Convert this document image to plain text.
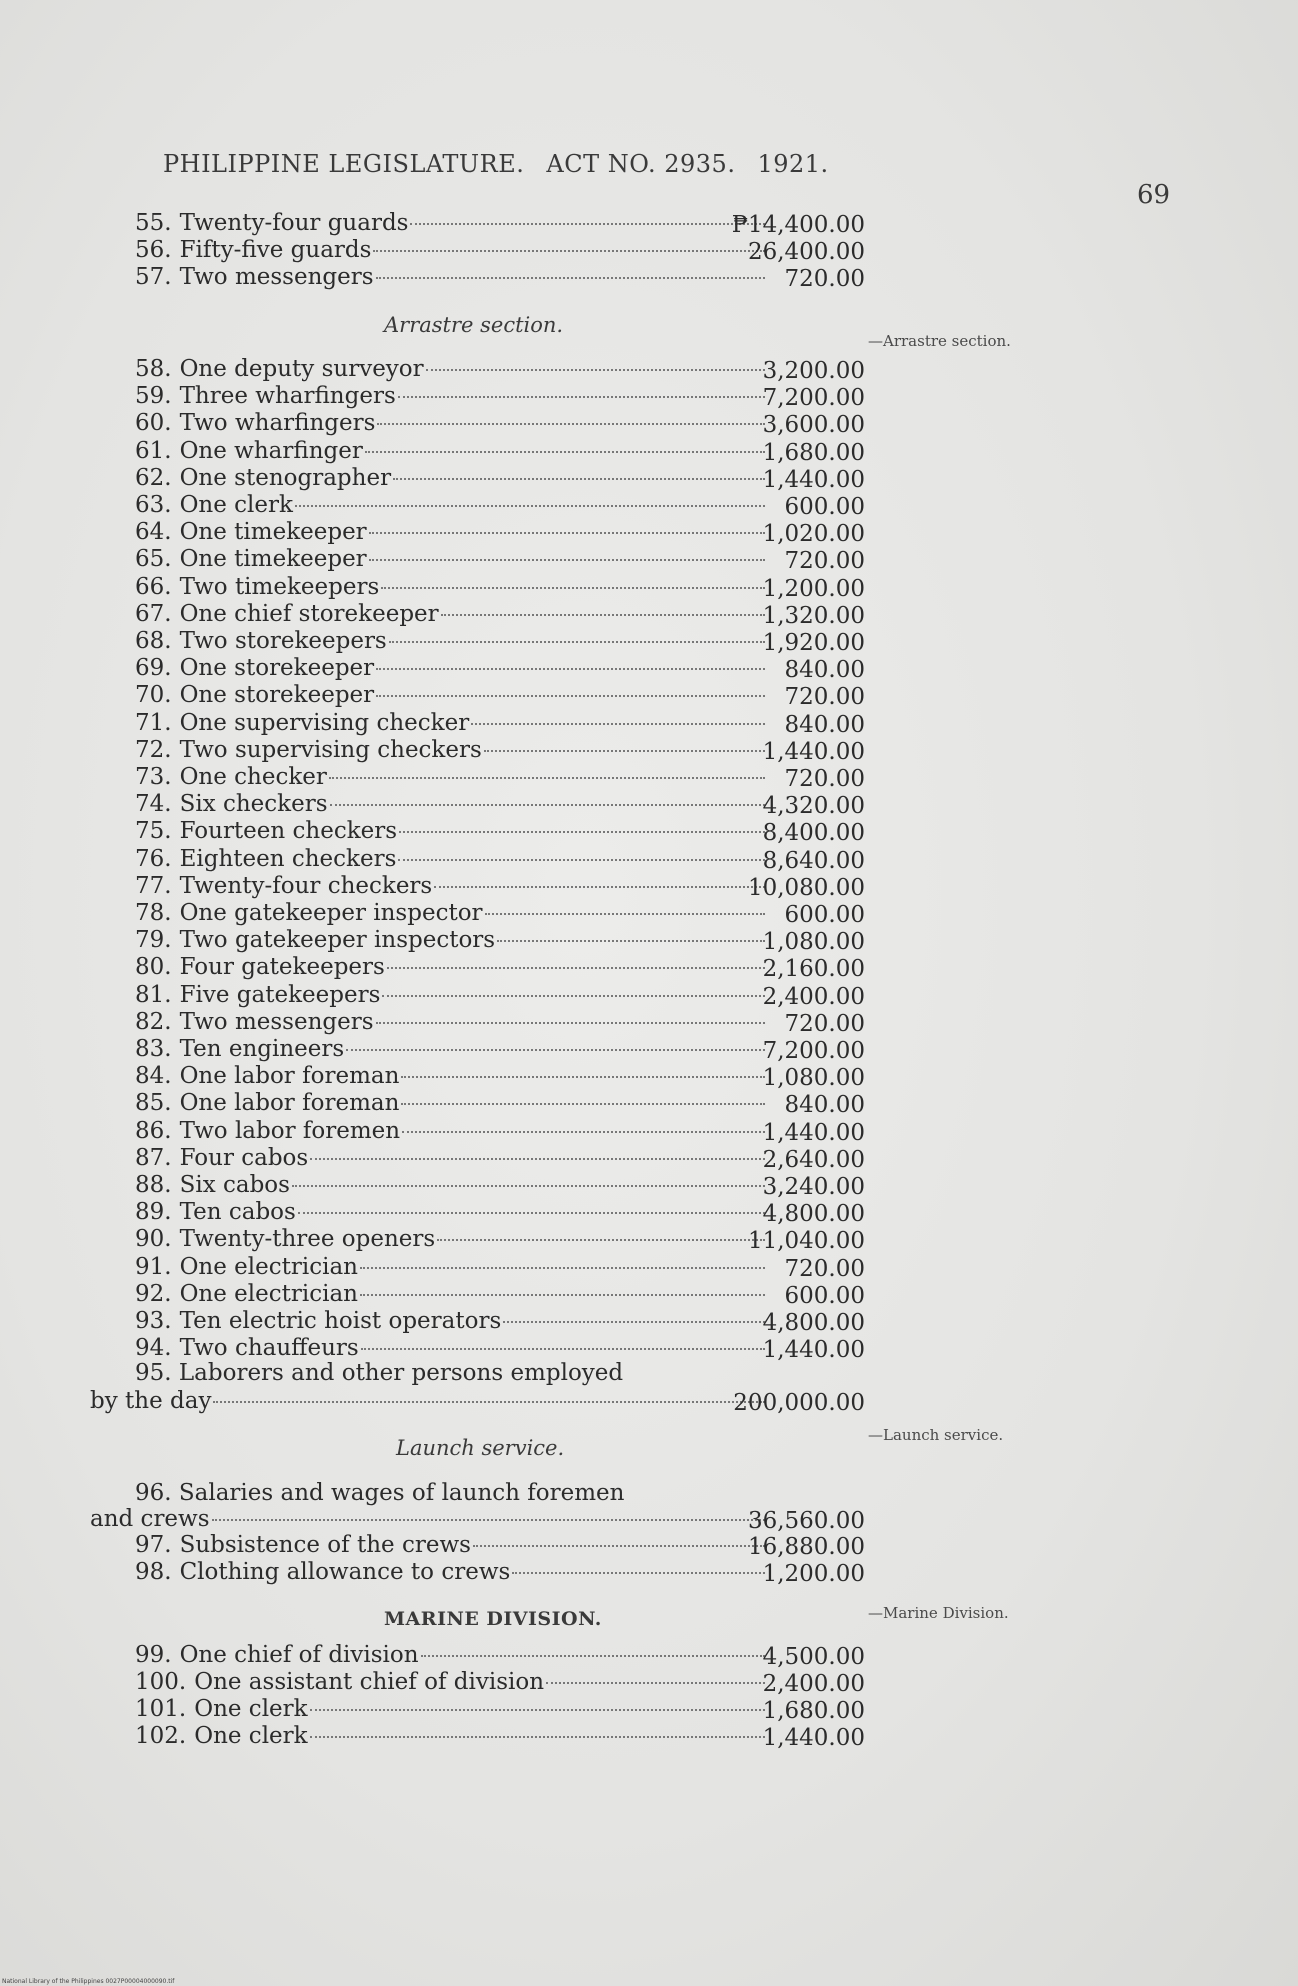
PHILIPPINE LEGISLATURE. ACT NO. 2935. 1921.
69
55. Twenty-four guards	₱14,400.00
56. Fifty-five guards	26,400.00
57. Two messengers	720.00
Arrastre section.
—Arrastre section.
58. One deputy surveyor	3,200.00
59. Three wharfingers	7,200.00
60. Two wharfingers	3,600.00
61. One wharfinger	1,680.00
62. One stenographer	1,440.00
63. One clerk	600.00
64. One timekeeper	1,020.00
65. One timekeeper	720.00
66. Two timekeepers	1,200.00
67. One chief storekeeper	1,320.00
68. Two storekeepers	1,920.00
69. One storekeeper	840.00
70. One storekeeper	720.00
71. One supervising checker	840.00
72. Two supervising checkers	1,440.00
73. One checker	720.00
74. Six checkers	4,320.00
75. Fourteen checkers	8,400.00
76. Eighteen checkers	8,640.00
77. Twenty-four checkers	10,080.00
78. One gatekeeper inspector	600.00
79. Two gatekeeper inspectors	1,080.00
80. Four gatekeepers	2,160.00
81. Five gatekeepers	2,400.00
82. Two messengers	720.00
83. Ten engineers	7,200.00
84. One labor foreman	1,080.00
85. One labor foreman	840.00
86. Two labor foremen	1,440.00
87. Four cabos	2,640.00
88. Six cabos	3,240.00
89. Ten cabos	4,800.00
90. Twenty-three openers	11,040.00
91. One electrician	720.00
92. One electrician	600.00
93. Ten electric hoist operators	4,800.00
94. Two chauffeurs	1,440.00
95. Laborers and other persons employed
by the day	200,000.00
Launch service.
—Launch service.
96. Salaries and wages of launch foremen
and crews	36,560.00
97. Subsistence of the crews	16,880.00
98. Clothing allowance to crews	1,200.00
MARINE DIVISION.	—Marine Division.
99. One chief of division	4,500.00
100. One assistant chief of division	2,400.00
101. One clerk	1,680.00
102. One clerk	1,440.00
National Library of the Philippines 0027P00004000090.tif
